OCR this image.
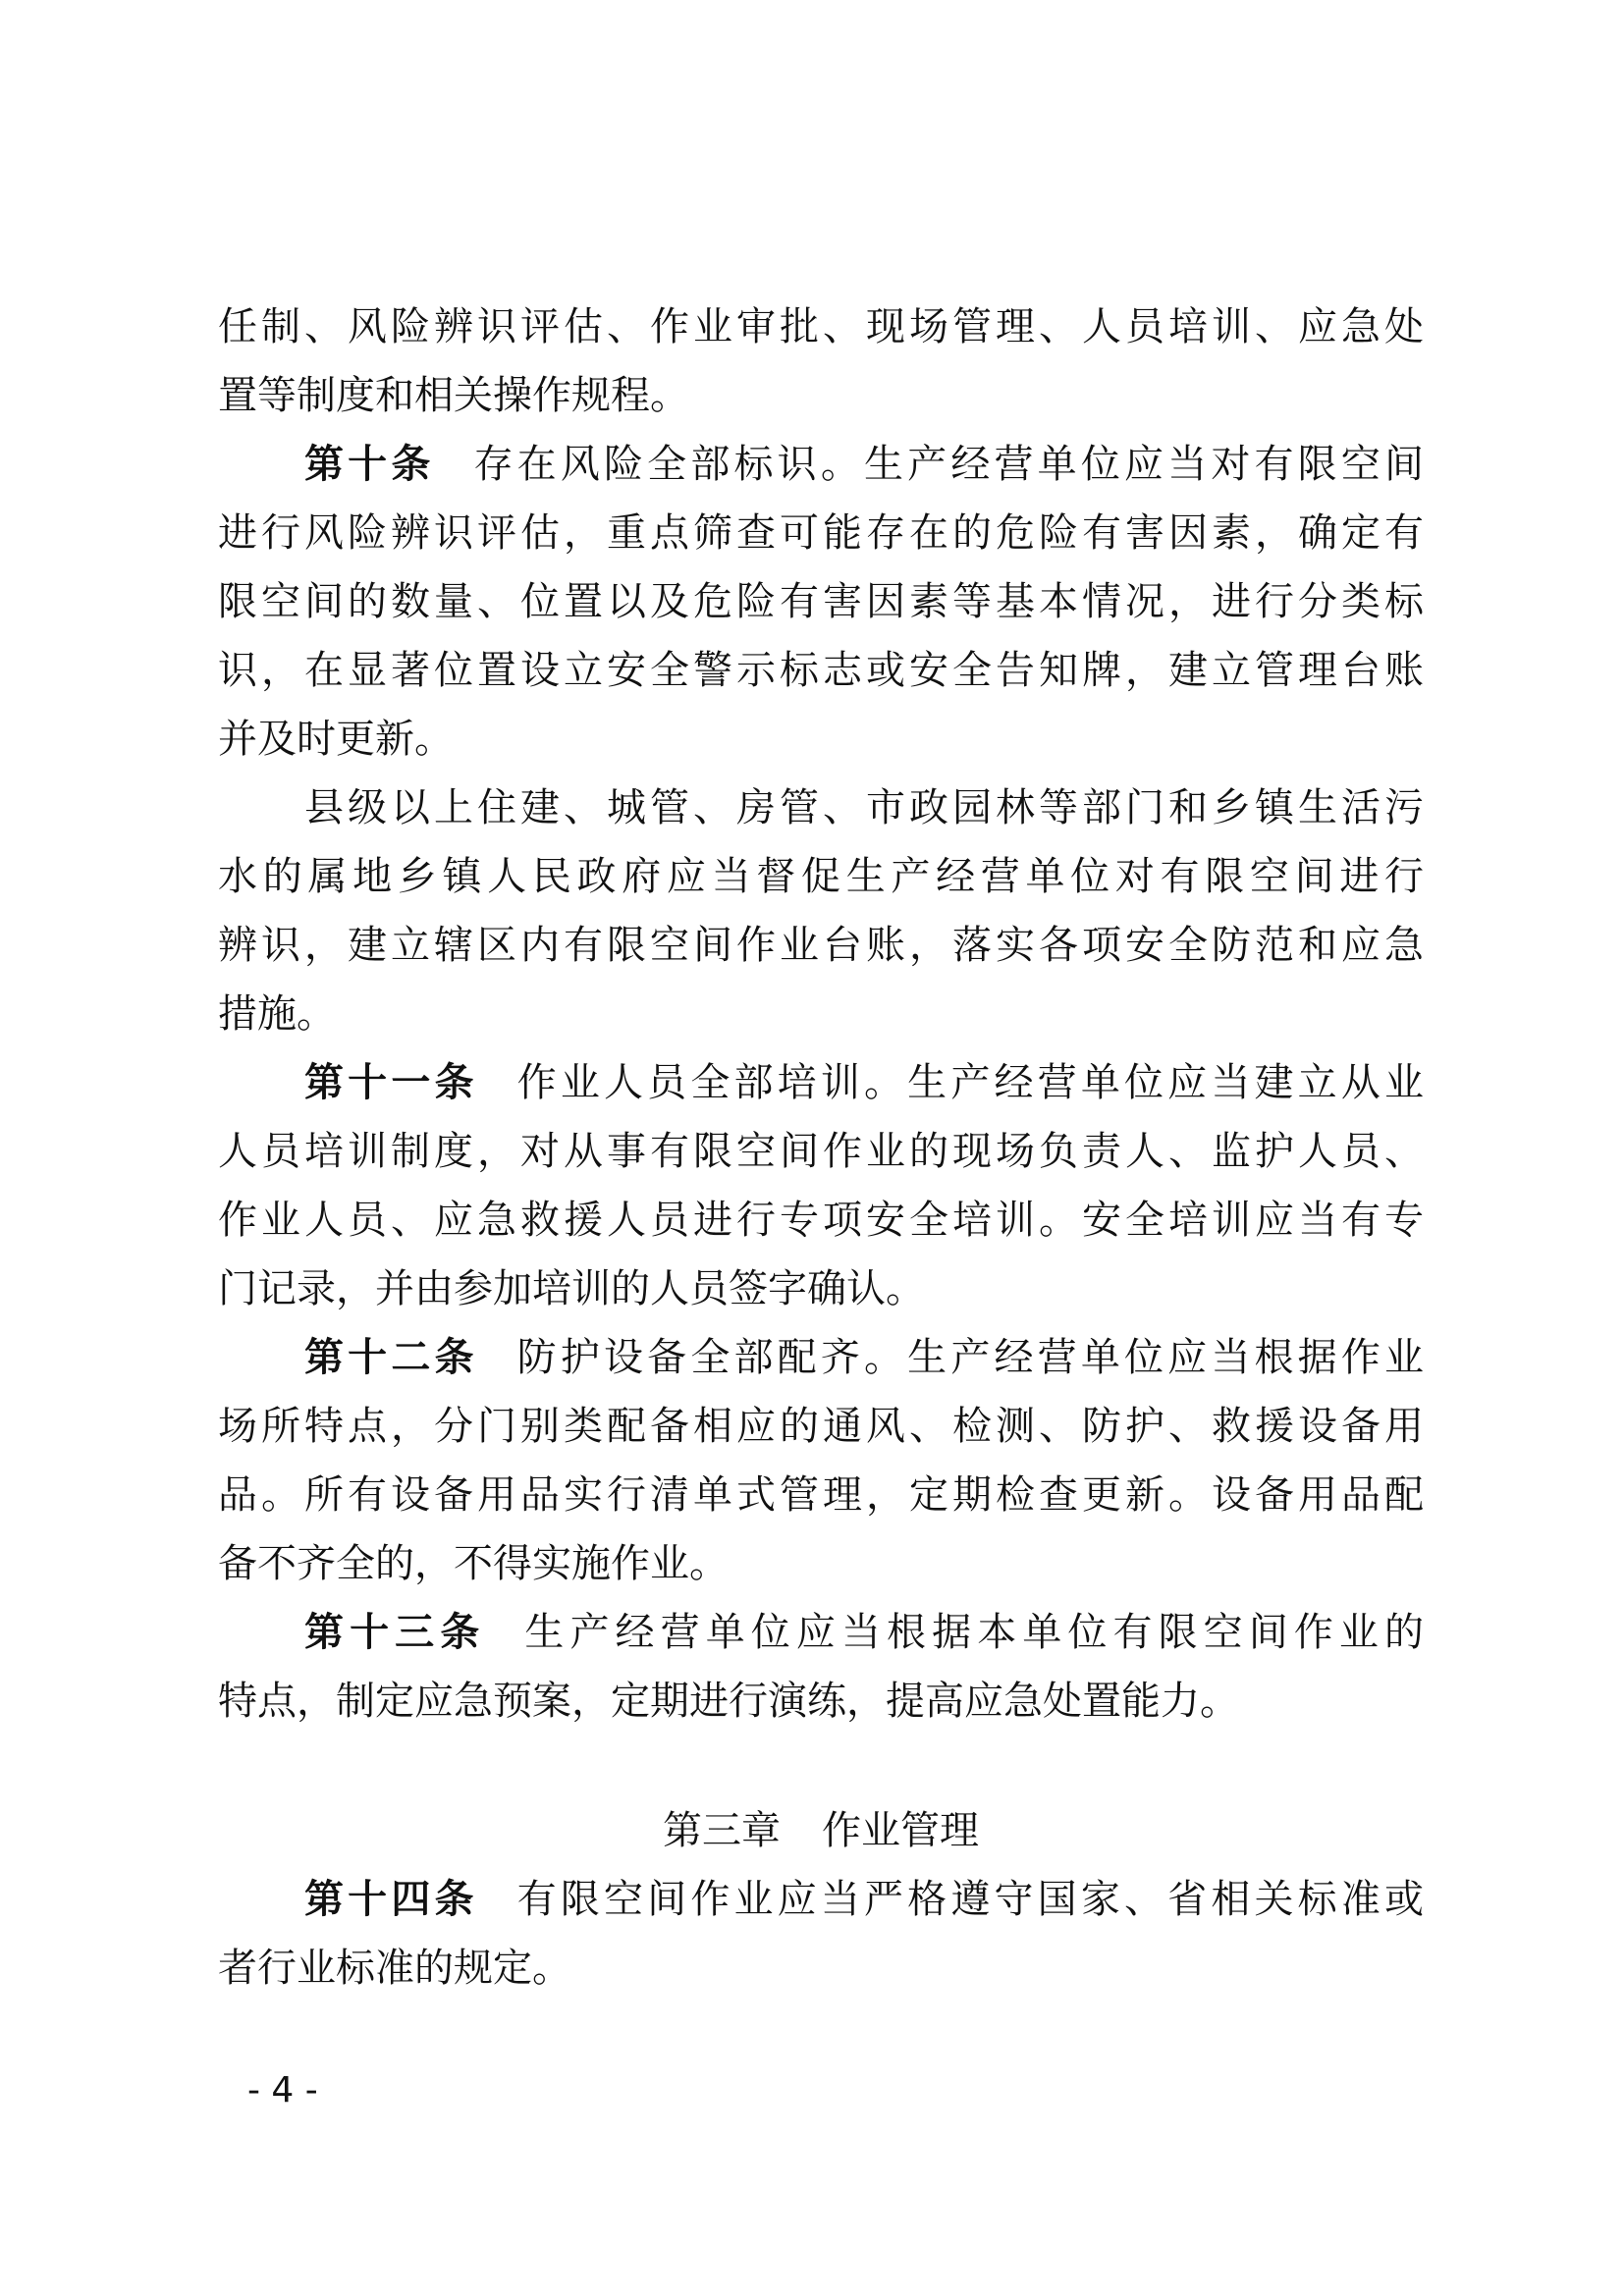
任制、风险辨识评估、作业审批、现场管理、人员培训、应急处
置等制度和相关操作规程。
第十条 存在风险全部标识。生产经营单位应当对有限空间
进行风险辨识评估，重点筛查可能存在的危险有害因素，确定有
限空间的数量、位置以及危险有害因素等基本情况，进行分类标
识，在显著位置设立安全警示标志或安全告知牌，建立管理台账
并及时更新。
县级以上住建、城管、房管、市政园林等部门和乡镇生活污
水的属地乡镇人民政府应当督促生产经营单位对有限空间进行
辨识，建立辖区内有限空间作业台账，落实各项安全防范和应急
措施。
第十一条 作业人员全部培训。生产经营单位应当建立从业
人员培训制度，对从事有限空间作业的现场负责人、监护人员、
作业人员、应急救援人员进行专项安全培训。安全培训应当有专
门记录，并由参加培训的人员签字确认。
第十二条 防护设备全部配齐。生产经营单位应当根据作业
场所特点，分门别类配备相应的通风、检测、防护、救援设备用
品。所有设备用品实行清单式管理，定期检查更新。设备用品配
备不齐全的，不得实施作业。
第十三条 生产经营单位应当根据本单位有限空间作业的
特点，制定应急预案，定期进行演练，提高应急处置能力。
第三章 作业管理
第十四条 有限空间作业应当严格遵守国家、省相关标准或
者行业标准的规定。
- 4 -
